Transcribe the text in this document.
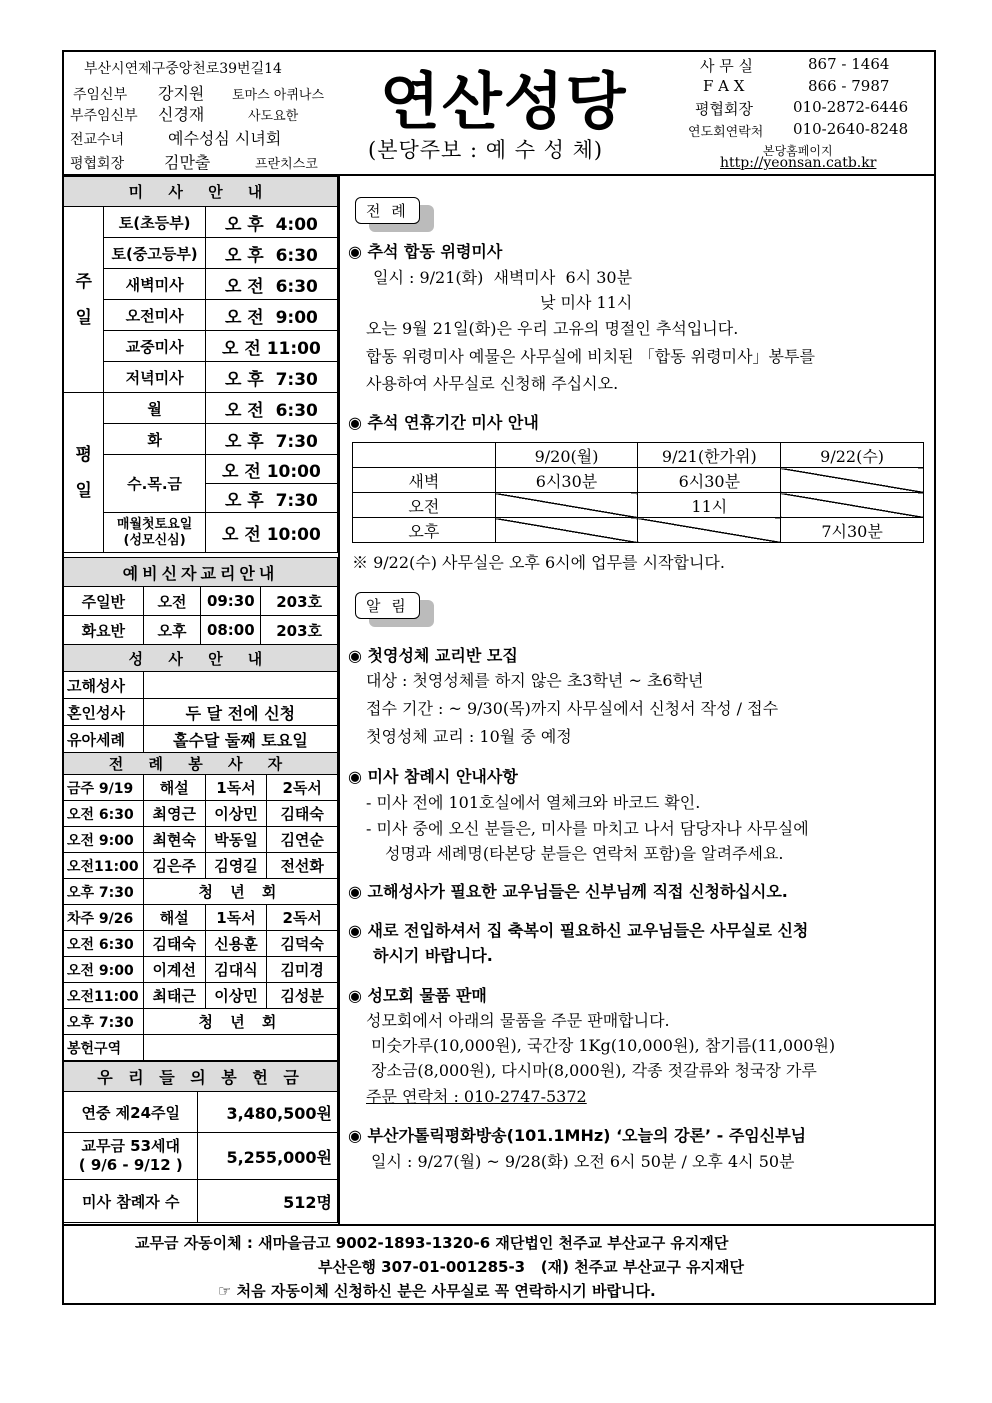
부산시연제구중앙천로39번길14
주임신부 강지원 토마스 아퀴나스
부주임신부 신경재	사도요한
전교수녀	예수성심 시녀회
평협회장 김만출	프란치스코
연산성당
(본당주보 : 예 수 성 체)
사 무 실	867 - 1464
F A X	866 - 7987
평협회장	010-2872-6446
연도회연락처 010-2640-8248
본당홈페이지
http://yeonsan.catb.kr
미 사 안 내		
주일	토(초등부)	오 후  4:00
	토(중고등부)	오 후  6:30
	새벽미사	오 전  6:30
	오전미사	오 전  9:00
	교중미사	오 전 11:00
	저녁미사	오 후  7:30
평일	월	오 전  6:30
	화	오 후  7:30
	수.목.금	오 전 10:00
		오 후  7:30
	매월첫토요일
(성모신심)	오 전 10:00
예비신자교리안내			
주일반	오전	09:30	203호
화요반	오후	08:00	203호
성 사 안 내	
고해성사	
혼인성사	두 달 전에 신청
유아세례	홀수달 둘째 토요일
전 례 봉 사 자			
금주 9/19	해설	1독서	2독서
오전 6:30	최영근	이상민	김태숙
오전 9:00	최현숙	박동일	김연순
오전11:00	김은주	김영길	전선화
오후 7:30	청 년 회		
차주 9/26	해설	1독서	2독서
오전 6:30	김태숙	신용훈	김덕숙
오전 9:00	이계선	김대식	김미경
오전11:00	최태근	이상민	김성분
오후 7:30	청 년 회		
봉헌구역			
우 리 들 의 봉 헌 금	
연중 제24주일	3,480,500원
교무금 53세대
( 9/6 - 9/12 )	5,255,000원
미사 참례자 수	512명
전 례
◉ 추석 합동 위령미사
일시 : 9/21(화)  새벽미사  6시 30분
낮 미사 11시
오는 9월 21일(화)은 우리 고유의 명절인 추석입니다.
합동 위령미사 예물은 사무실에 비치된 「합동 위령미사」봉투를
사용하여 사무실로 신청해 주십시오.
◉ 추석 연휴기간 미사 안내
	9/20(월)	9/21(한가위)	9/22(수)
새벽	6시30분	6시30분	
오전		11시	
오후			7시30분
※ 9/22(수) 사무실은 오후 6시에 업무를 시작합니다.
알 림
◉ 첫영성체 교리반 모집
대상 : 첫영성체를 하지 않은 초3학년 ~ 초6학년
접수 기간 : ~ 9/30(목)까지 사무실에서 신청서 작성 / 접수
첫영성체 교리 : 10월 중 예정
◉ 미사 참례시 안내사항
- 미사 전에 101호실에서 열체크와 바코드 확인.
- 미사 중에 오신 분들은, 미사를 마치고 나서 담당자나 사무실에
성명과 세례명(타본당 분들은 연락처 포함)을 알려주세요.
◉ 고해성사가 필요한 교우님들은 신부님께 직접 신청하십시오.
◉ 새로 전입하셔서 집 축복이 필요하신 교우님들은 사무실로 신청
하시기 바랍니다.
◉ 성모회 물품 판매
성모회에서 아래의 물품을 주문 판매합니다.
미숫가루(10,000원), 국간장 1Kg(10,000원), 참기름(11,000원)
장소금(8,000원), 다시마(8,000원), 각종 젓갈류와 청국장 가루
주문 연락처 : 010-2747-5372
◉ 부산가톨릭평화방송(101.1MHz) ‘오늘의 강론’ - 주임신부님
일시 : 9/27(월) ~ 9/28(화) 오전 6시 50분 / 오후 4시 50분
교무금 자동이체 : 새마을금고 9002-1893-1320-6 재단법인 천주교 부산교구 유지재단
부산은행 307-01-001285-3   (재) 천주교 부산교구 유지재단
☞ 처음 자동이체 신청하신 분은 사무실로 꼭 연락하시기 바랍니다.
